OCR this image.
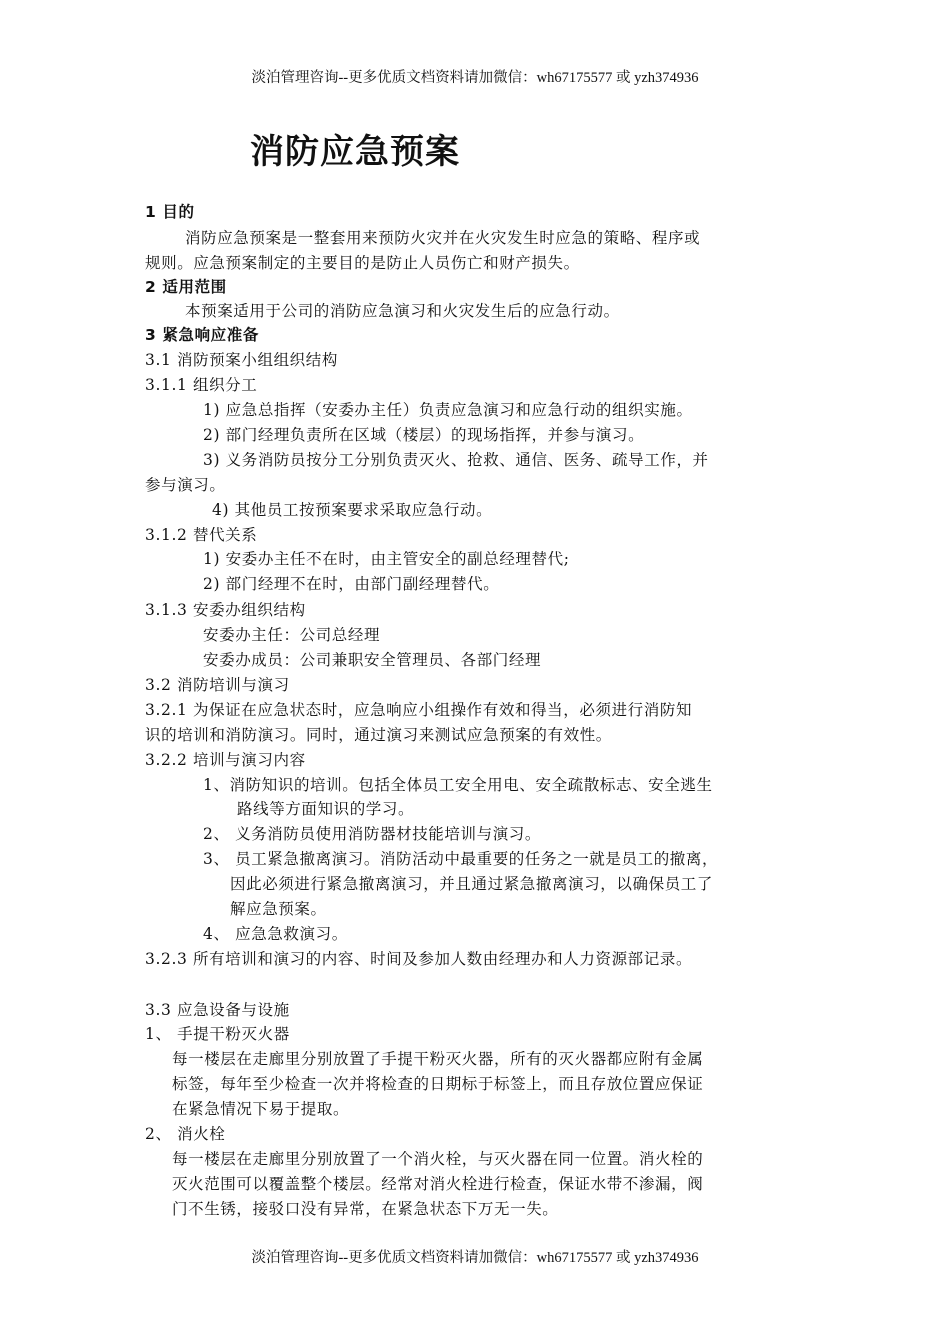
淡泊管理咨询--更多优质文档资料请加微信：wh67175577 或 yzh374936
消防应急预案
1 目的
消防应急预案是一整套用来预防火灾并在火灾发生时应急的策略、程序或
规则。应急预案制定的主要目的是防止人员伤亡和财产损失。
2 适用范围
本预案适用于公司的消防应急演习和火灾发生后的应急行动。
3 紧急响应准备
3.1 消防预案小组组织结构
3.1.1 组织分工
1) 应急总指挥（安委办主任）负责应急演习和应急行动的组织实施。
2) 部门经理负责所在区域（楼层）的现场指挥，并参与演习。
3) 义务消防员按分工分别负责灭火、抢救、通信、医务、疏导工作，并
参与演习。
4) 其他员工按预案要求采取应急行动。
3.1.2 替代关系
1) 安委办主任不在时，由主管安全的副总经理替代;
2) 部门经理不在时，由部门副经理替代。
3.1.3 安委办组织结构
安委办主任：公司总经理
安委办成员：公司兼职安全管理员、各部门经理
3.2 消防培训与演习
3.2.1 为保证在应急状态时，应急响应小组操作有效和得当，必须进行消防知
识的培训和消防演习。同时，通过演习来测试应急预案的有效性。
3.2.2 培训与演习内容
1、消防知识的培训。包括全体员工安全用电、安全疏散标志、安全逃生
路线等方面知识的学习。
2、 义务消防员使用消防器材技能培训与演习。
3、 员工紧急撤离演习。消防活动中最重要的任务之一就是员工的撤离，
因此必须进行紧急撤离演习，并且通过紧急撤离演习，以确保员工了
解应急预案。
4、 应急急救演习。
3.2.3 所有培训和演习的内容、时间及参加人数由经理办和人力资源部记录。
3.3 应急设备与设施
1、 手提干粉灭火器
每一楼层在走廊里分别放置了手提干粉灭火器，所有的灭火器都应附有金属
标签，每年至少检查一次并将检查的日期标于标签上，而且存放位置应保证
在紧急情况下易于提取。
2、 消火栓
每一楼层在走廊里分别放置了一个消火栓，与灭火器在同一位置。消火栓的
灭火范围可以覆盖整个楼层。经常对消火栓进行检查，保证水带不渗漏，阀
门不生锈，接驳口没有异常，在紧急状态下万无一失。
淡泊管理咨询--更多优质文档资料请加微信：wh67175577 或 yzh374936
